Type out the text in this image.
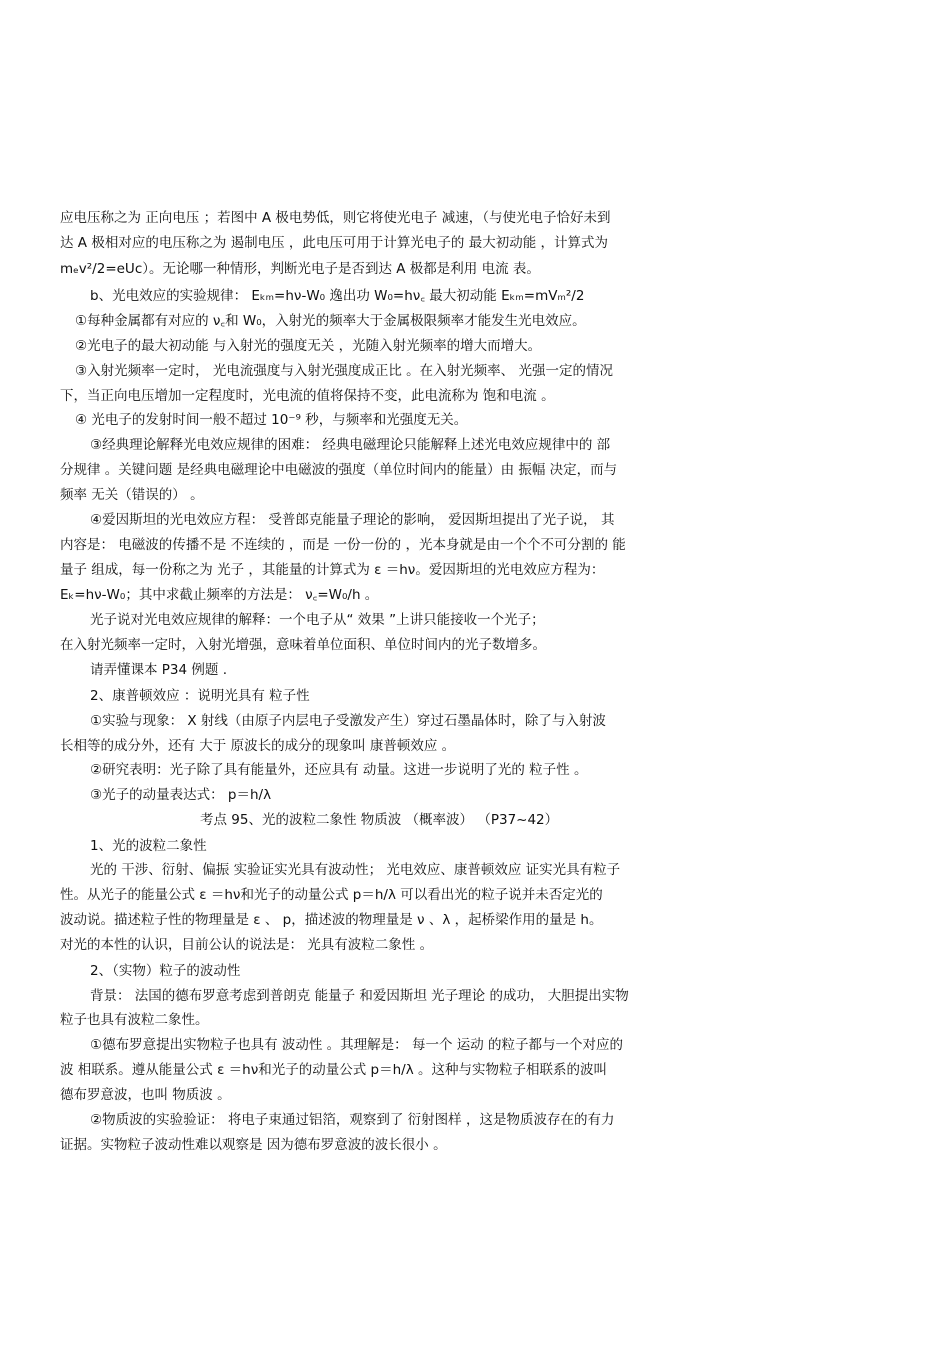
应电压称之为 正向电压 ；若图中 A 极电势低，则它将使光电子 减速，（与使光电子恰好未到
达 A 极相对应的电压称之为 遏制电压 ，此电压可用于计算光电子的 最大初动能 ，计算式为
mₑv²/2=eUc）。无论哪一种情形，判断光电子是否到达 A 极都是利用 电流 表。
b、光电效应的实验规律： Eₖₘ=hν-W₀ 逸出功 W₀=hν꜀ 最大初动能 Eₖₘ=mVₘ²/2
①每种金属都有对应的 ν꜀和 W₀，入射光的频率大于金属极限频率才能发生光电效应。
②光电子的最大初动能 与入射光的强度无关 ，光随入射光频率的增大而增大。
③入射光频率一定时， 光电流强度与入射光强度成正比 。在入射光频率、 光强一定的情况
下，当正向电压增加一定程度时，光电流的值将保持不变，此电流称为 饱和电流 。
④ 光电子的发射时间一般不超过 10⁻⁹ 秒，与频率和光强度无关。
③经典理论解释光电效应规律的困难： 经典电磁理论只能解释上述光电效应规律中的 部
分规律 。关键问题 是经典电磁理论中电磁波的强度（单位时间内的能量）由 振幅 决定，而与
频率 无关（错误的） 。
④爱因斯坦的光电效应方程： 受普郎克能量子理论的影响， 爱因斯坦提出了光子说， 其
内容是： 电磁波的传播不是 不连续的 ，而是 一份一份的 ，光本身就是由一个个不可分割的 能
量子 组成，每一份称之为 光子 ，其能量的计算式为 ε ＝hν。爱因斯坦的光电效应方程为：
Eₖ=hν-W₀；其中求截止频率的方法是： ν꜀=W₀/h 。
光子说对光电效应规律的解释：一个电子从“ 效果 ”上讲只能接收一个光子；
在入射光频率一定时，入射光增强，意味着单位面积、单位时间内的光子数增多。
请弄懂课本 P34 例题 .
2、康普顿效应 ：说明光具有 粒子性
①实验与现象： X 射线（由原子内层电子受激发产生）穿过石墨晶体时，除了与入射波
长相等的成分外，还有 大于 原波长的成分的现象叫 康普顿效应 。
②研究表明：光子除了具有能量外，还应具有 动量。这进一步说明了光的 粒子性 。
③光子的动量表达式： p＝h/λ
考点 95、光的波粒二象性 物质波 （概率波） （P37~42）
1、光的波粒二象性
光的 干涉、衍射、偏振 实验证实光具有波动性； 光电效应、康普顿效应 证实光具有粒子
性。从光子的能量公式 ε ＝hν和光子的动量公式 p＝h/λ 可以看出光的粒子说并未否定光的
波动说。描述粒子性的物理量是 ε 、 p，描述波的物理量是 ν 、λ ，起桥梁作用的量是 h。
对光的本性的认识，目前公认的说法是： 光具有波粒二象性 。
2、（实物）粒子的波动性
背景： 法国的德布罗意考虑到普朗克 能量子 和爱因斯坦 光子理论 的成功， 大胆提出实物
粒子也具有波粒二象性。
①德布罗意提出实物粒子也具有 波动性 。其理解是： 每一个 运动 的粒子都与一个对应的
波 相联系。遵从能量公式 ε ＝hν和光子的动量公式 p＝h/λ 。这种与实物粒子相联系的波叫
德布罗意波，也叫 物质波 。
②物质波的实验验证： 将电子束通过铝箔，观察到了 衍射图样 ，这是物质波存在的有力
证据。实物粒子波动性难以观察是 因为德布罗意波的波长很小 。
